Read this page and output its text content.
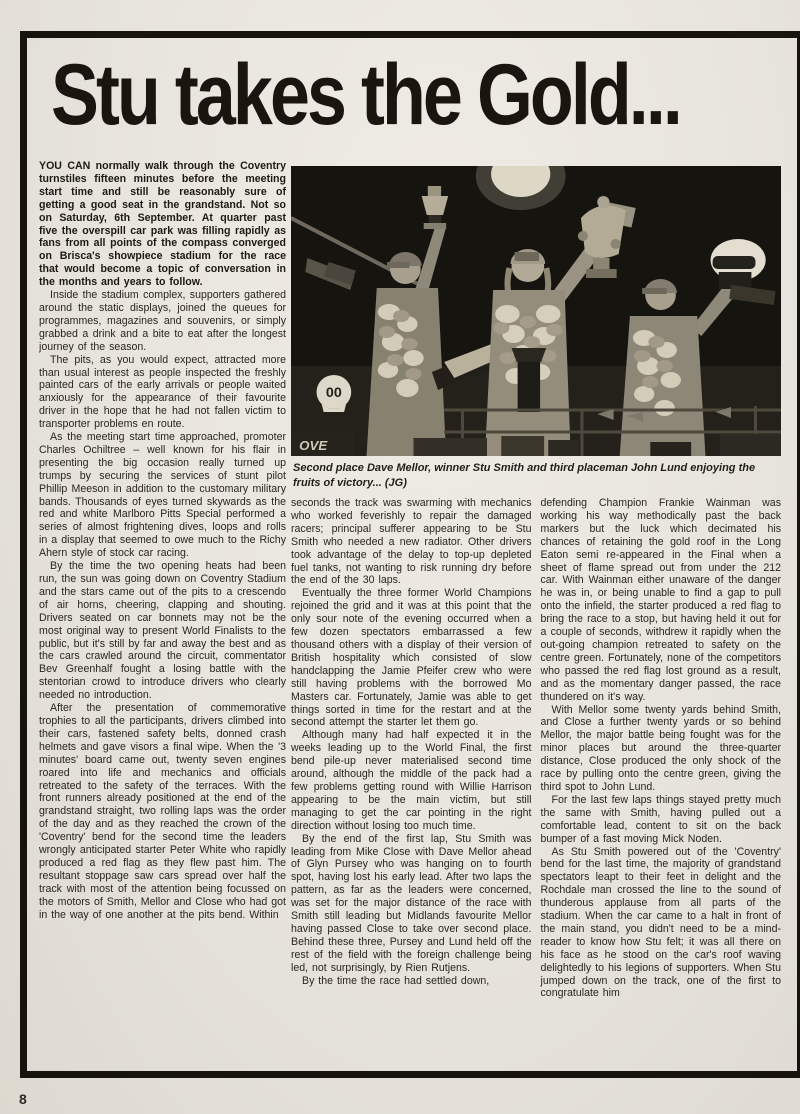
Stu takes the Gold...

YOU CAN normally walk through the Coventry turnstiles fifteen minutes before the meeting start time and still be reasonably sure of getting a good seat in the grandstand. Not so on Saturday, 6th September. At quarter past five the overspill car park was filling rapidly as fans from all points of the compass converged on Brisca's showpiece stadium for the race that would become a topic of conversation in the months and years to follow.

Inside the stadium complex, supporters gathered around the static displays, joined the queues for programmes, magazines and souvenirs, or simply grabbed a drink and a bite to eat after the longest journey of the season.

The pits, as you would expect, attracted more than usual interest as people inspected the freshly painted cars of the early arrivals or people waited anxiously for the appearance of their favourite driver in the hope that he had not fallen victim to transporter problems en route.

As the meeting start time approached, promoter Charles Ochiltree – well known for his flair in presenting the big occasion really turned up trumps by securing the services of stunt pilot Phillip Meeson in addition to the customary military bands. Thousands of eyes turned skywards as the red and white Marlboro Pitts Special performed a series of almost frightening dives, loops and rolls in a display that seemed to owe much to the Richy Ahern style of stock car racing.

By the time the two opening heats had been run, the sun was going down on Coventry Stadium and the stars came out of the pits to a crescendo of air horns, cheering, clapping and shouting. Drivers seated on car bonnets may not be the most original way to present World Finalists to the public, but it's still by far and away the best and as the cars crawled around the circuit, commentator Bev Greenhalf fought a losing battle with the stentorian crowd to introduce drivers who clearly needed no introduction.

After the presentation of commemorative trophies to all the participants, drivers climbed into their cars, fastened safety belts, donned crash helmets and gave visors a final wipe. When the '3 minutes' board came out, twenty seven engines roared into life and mechanics and officials retreated to the safety of the terraces. With the front runners already positioned at the end of the grandstand straight, two rolling laps was the order of the day and as they reached the crown of the 'Coventry' bend for the second time the leaders wrongly anticipated starter Peter White who rapidly produced a red flag as they flew past him. The resultant stoppage saw cars spread over half the track with most of the attention being focussed on the motors of Smith, Mellor and Close who had got in the way of one another at the pits bend. Within

00
OVE
Second place Dave Mellor, winner Stu Smith and third placeman John Lund enjoying the fruits of victory... (JG)

seconds the track was swarming with mechanics who worked feverishly to repair the damaged racers; principal sufferer appearing to be Stu Smith who needed a new radiator. Other drivers took advantage of the delay to top-up depleted fuel tanks, not wanting to risk running dry before the end of the 30 laps.

Eventually the three former World Champions rejoined the grid and it was at this point that the only sour note of the evening occurred when a few dozen spectators embarrassed a few thousand others with a display of their version of British hospitality which consisted of slow handclapping the Jamie Pfeifer crew who were still having problems with the borrowed Mo Masters car. Fortunately, Jamie was able to get things sorted in time for the restart and at the second attempt the starter let them go.

Although many had half expected it in the weeks leading up to the World Final, the first bend pile-up never materialised second time around, although the middle of the pack had a few problems getting round with Willie Harrison appearing to be the main victim, but still managing to get the car pointing in the right direction without losing too much time.

By the end of the first lap, Stu Smith was leading from Mike Close with Dave Mellor ahead of Glyn Pursey who was hanging on to fourth spot, having lost his early lead. After two laps the pattern, as far as the leaders were concerned, was set for the major distance of the race with Smith still leading but Midlands favourite Mellor having passed Close to take over second place. Behind these three, Pursey and Lund held off the rest of the field with the foreign challenge being led, not surprisingly, by Rien Rutjens.

By the time the race had settled down,

defending Champion Frankie Wainman was working his way methodically past the back markers but the luck which decimated his chances of retaining the gold roof in the Long Eaton semi re-appeared in the Final when a sheet of flame spread out from under the 212 car. With Wainman either unaware of the danger he was in, or being unable to find a gap to pull onto the infield, the starter produced a red flag to bring the race to a stop, but having held it out for a couple of seconds, withdrew it rapidly when the out-going champion retreated to safety on the centre green. Fortunately, none of the competitors who passed the red flag lost ground as a result, and as the momentary danger passed, the race thundered on it's way.

With Mellor some twenty yards behind Smith, and Close a further twenty yards or so behind Mellor, the major battle being fought was for the minor places but around the three-quarter distance, Close produced the only shock of the race by pulling onto the centre green, giving the third spot to John Lund.

For the last few laps things stayed pretty much the same with Smith, having pulled out a comfortable lead, content to sit on the back bumper of a fast moving Mick Noden.

As Stu Smith powered out of the 'Coventry' bend for the last time, the majority of grandstand spectators leapt to their feet in delight and the Rochdale man crossed the line to the sound of thunderous applause from all parts of the stadium. When the car came to a halt in front of the main stand, you didn't need to be a mind-reader to know how Stu felt; it was all there on his face as he stood on the car's roof waving delightedly to his legions of supporters. When Stu jumped down on the track, one of the first to congratulate him

8
